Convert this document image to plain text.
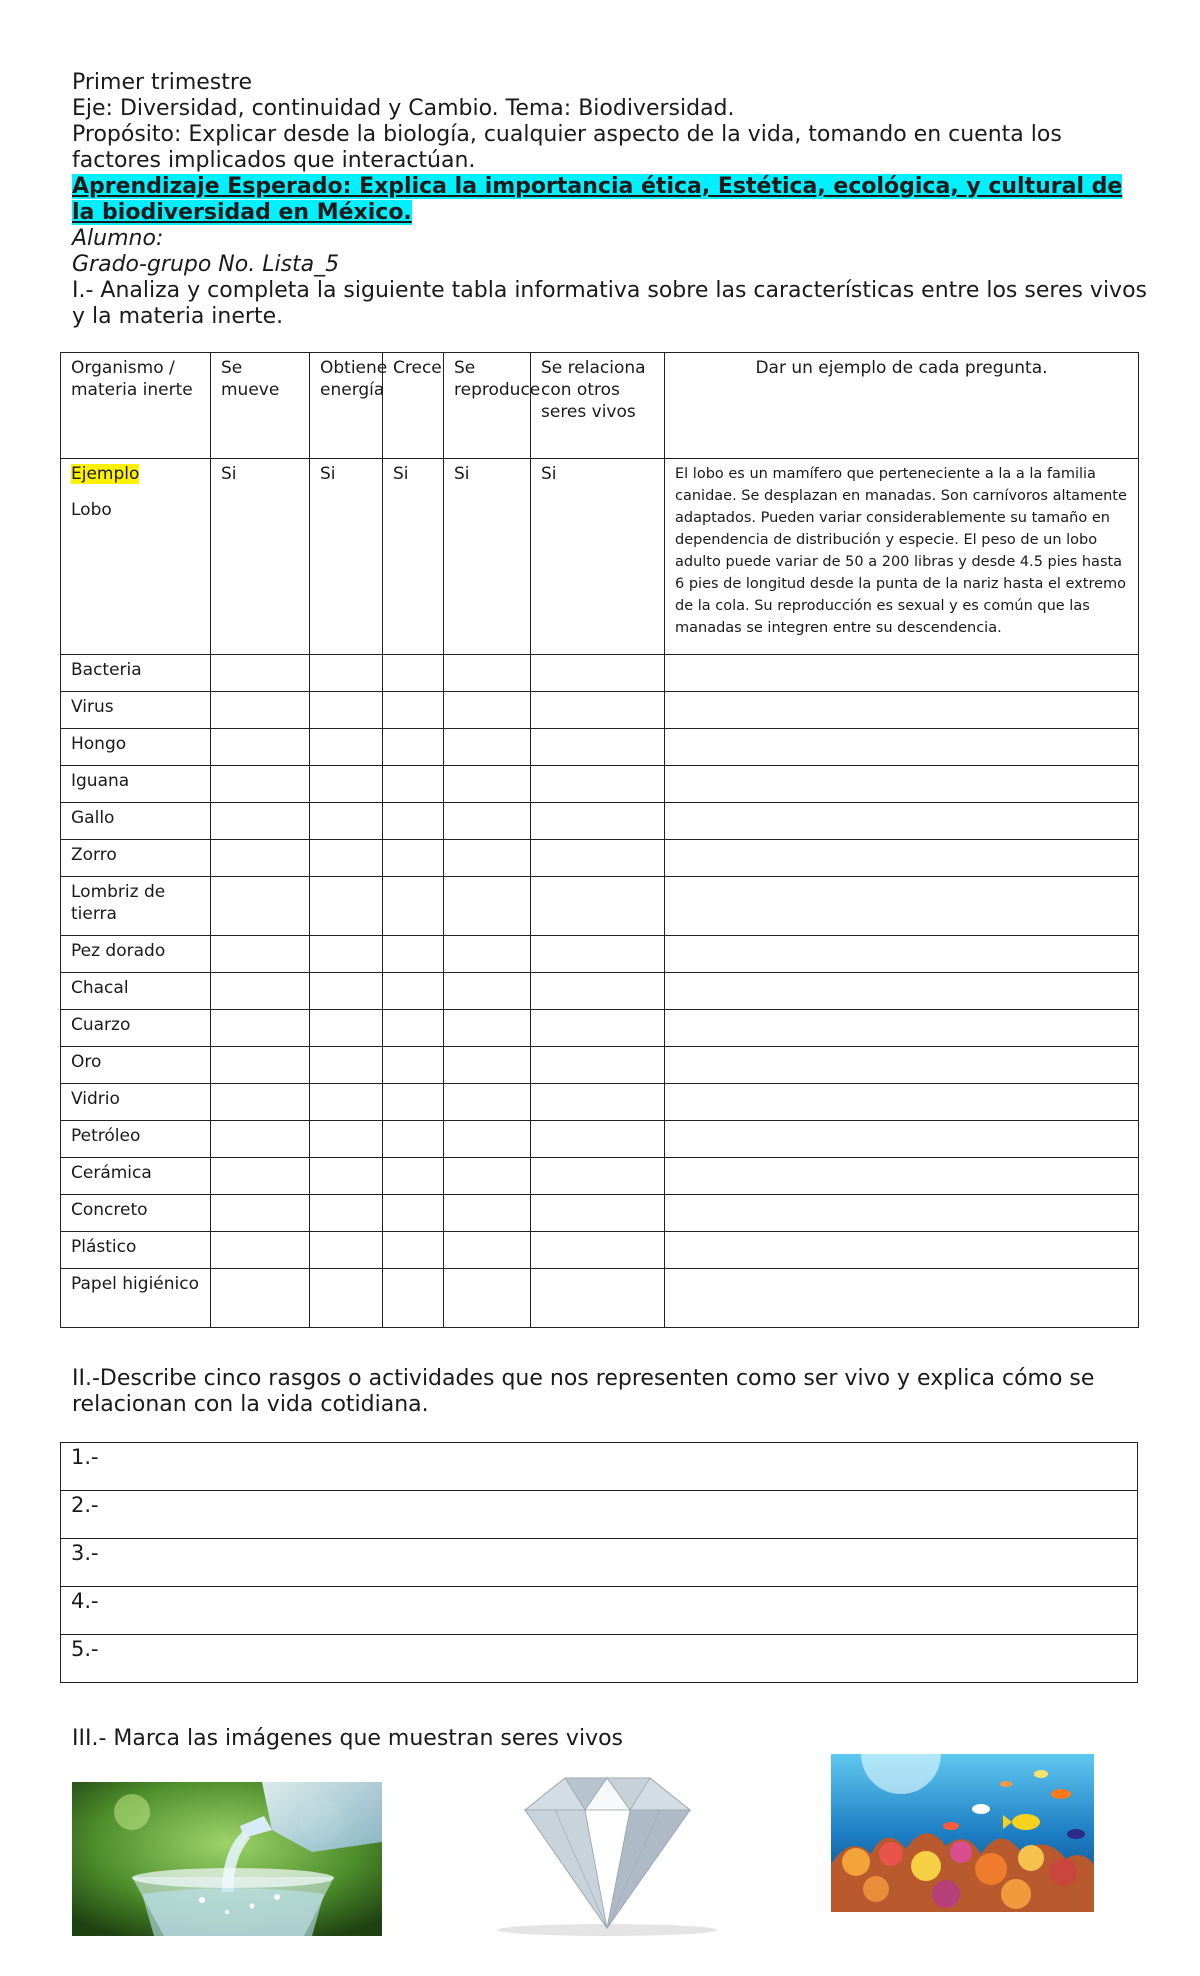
Primer trimestre

Eje: Diversidad, continuidad y Cambio. Tema: Biodiversidad.

Propósito: Explicar desde la biología, cualquier aspecto de la vida, tomando en cuenta los factores implicados que interactúan.

Aprendizaje Esperado: Explica la importancia ética, Estética, ecológica, y cultural de la biodiversidad en México.

Alumno:

Grado-grupo No. Lista_5

I.- Analiza y completa la siguiente tabla informativa sobre las características entre los seres vivos y la materia inerte.

Organismo / materia inerte	Se mueve	Obtiene energía	Crece	Se reproduce	Se relaciona con otros seres vivos	Dar un ejemplo de cada pregunta.
Ejemplo
Lobo	Si	Si	Si	Si	Si	El lobo es un mamífero que perteneciente a la a la familia canidae. Se desplazan en manadas. Son carnívoros altamente adaptados. Pueden variar considerablemente su tamaño en dependencia de distribución y especie. El peso de un lobo adulto puede variar de 50 a 200 libras y desde 4.5 pies hasta 6 pies de longitud desde la punta de la nariz hasta el extremo de la cola. Su reproducción es sexual y es común que las manadas se integren entre su descendencia.
Bacteria						
Virus						
Hongo						
Iguana						
Gallo						
Zorro						
Lombriz de tierra						
Pez dorado						
Chacal						
Cuarzo						
Oro						
Vidrio						
Petróleo						
Cerámica						
Concreto						
Plástico						
Papel higiénico						
II.-Describe cinco rasgos o actividades que nos representen como ser vivo y explica cómo se relacionan con la vida cotidiana.
1.-
2.-
3.-
4.-
5.-
III.- Marca las imágenes que muestran seres vivos
